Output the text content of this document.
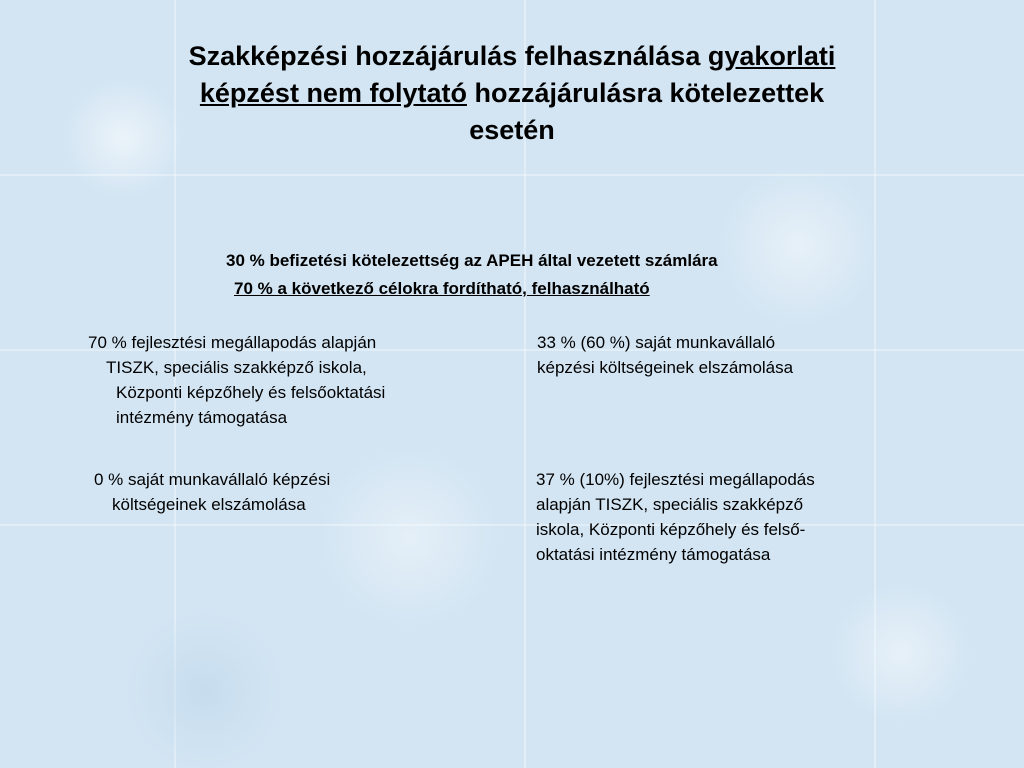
Szakképzési hozzájárulás felhasználása gyakorlati
képzést nem folytató hozzájárulásra kötelezettek
esetén
30 % befizetési kötelezettség az APEH által vezetett számlára
70 % a következő célokra fordítható, felhasználható
70 % fejlesztési megállapodás alapján
TISZK, speciális szakképző iskola,
Központi képzőhely és felsőoktatási
intézmény támogatása
33 % (60 %) saját munkavállaló
képzési költségeinek elszámolása
0 % saját munkavállaló képzési
költségeinek elszámolása
37 % (10%) fejlesztési megállapodás
alapján TISZK, speciális szakképző
iskola, Központi képzőhely és felső-
oktatási intézmény támogatása
